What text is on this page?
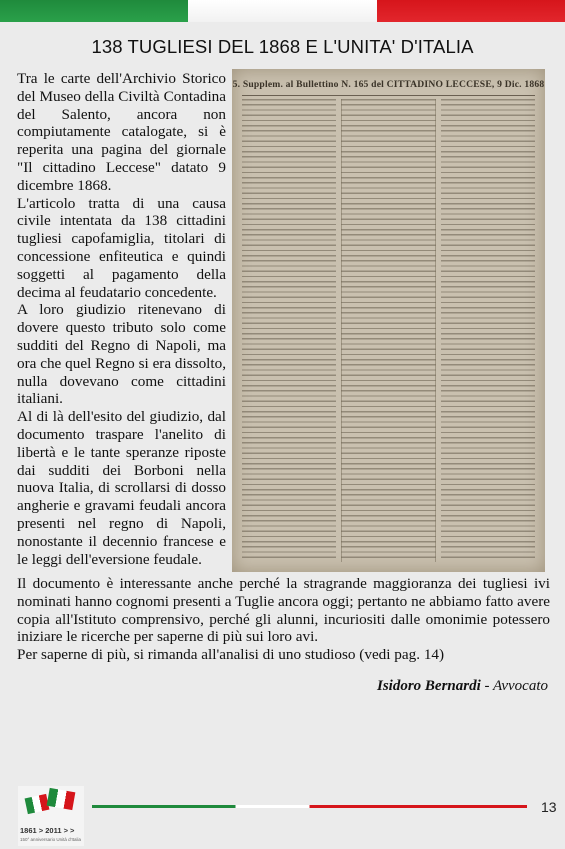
138 TUGLIESI DEL 1868 E L'UNITA' D'ITALIA

Tra le carte dell'Archivio Storico del Museo della Civiltà Contadina del Salento, ancora non compiutamente catalogate, si è reperita una pagina del giornale "Il cittadino Leccese" datato 9 dicembre 1868.

L'articolo tratta di una causa civile intentata da 138 cittadini tugliesi capofamiglia, titolari di concessione enfiteutica e quindi soggetti al pagamento della decima al feudatario concedente.

A loro giudizio ritenevano di dovere questo tributo solo come sudditi del Regno di Napoli, ma ora che quel Regno si era dissolto, nulla dovevano come cittadini italiani.

Al di là dell'esito del giudizio, dal documento traspare l'anelito di libertà e le tante speranze riposte dai sudditi dei Borboni nella nuova Italia, di scrollarsi di dosso angherie e gravami feudali ancora presenti nel regno di Napoli, nonostante il decennio francese e le leggi dell'eversione feudale.

5. Supplem. al Bullettino N. 165 del CITTADINO LECCESE, 9 Dic. 1868

Il documento è interessante anche perché la stragrande maggioranza dei tugliesi ivi nominati hanno cognomi presenti a Tuglie ancora oggi; pertanto ne abbiamo fatto avere copia all'Istituto comprensivo, perché gli alunni, incuriositi dalle omonimie potessero iniziare le ricerche per saperne di più sui loro avi.

Per saperne di più, si rimanda all'analisi di uno studioso (vedi pag. 14)

Isidoro Bernardi - Avvocato
1861 > 2011 > >
150° anniversario Unità d'Italia
13
